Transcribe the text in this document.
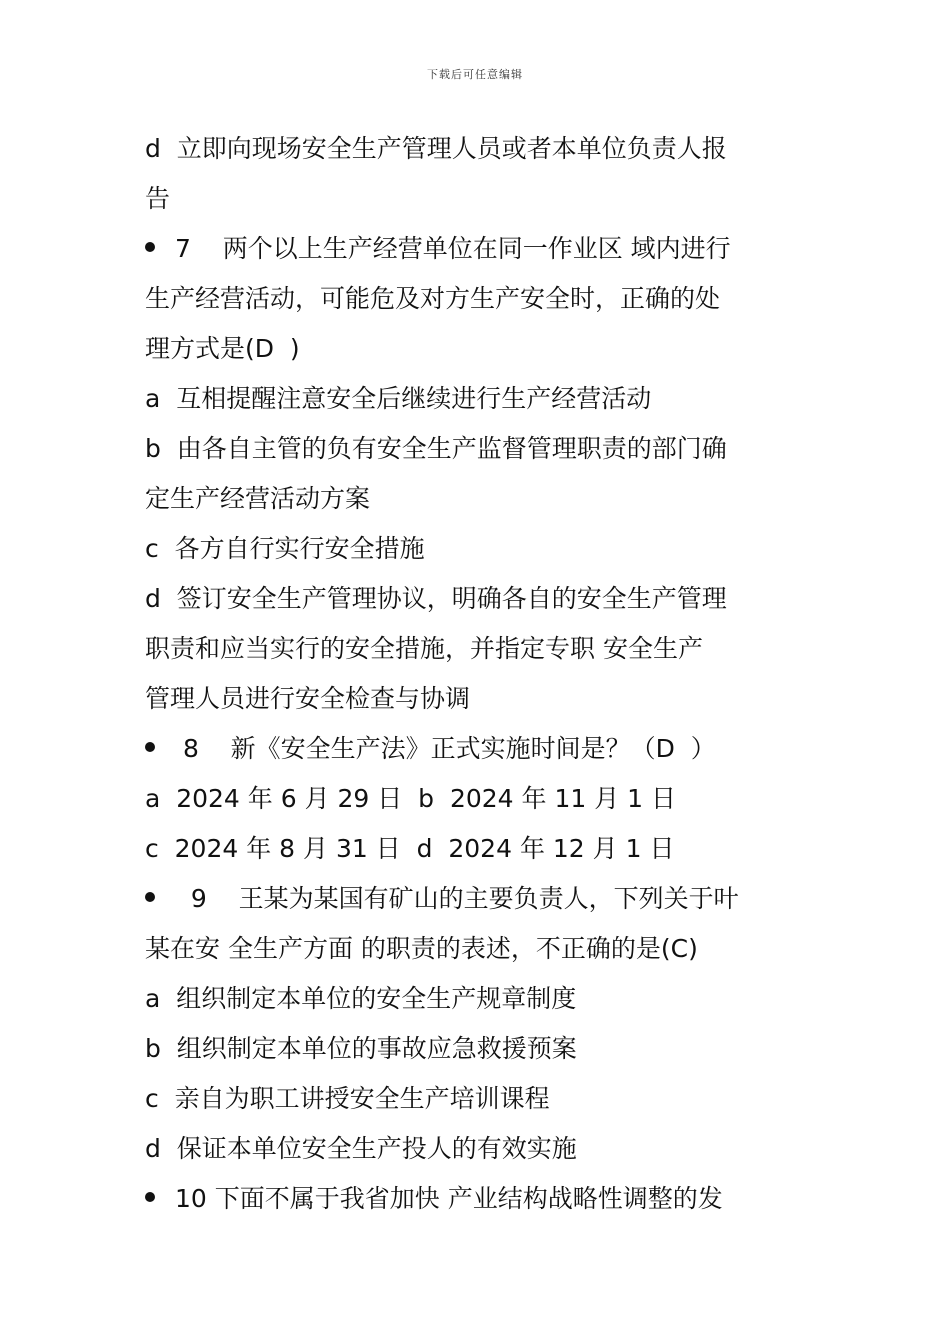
下载后可任意编辑
d  立即向现场安全生产管理人员或者本单位负责人报
告
7    两个以上生产经营单位在同一作业区 域内进行
生产经营活动，可能危及对方生产安全时，正确的处
理方式是(D  )
a  互相提醒注意安全后继续进行生产经营活动
b  由各自主管的负有安全生产监督管理职责的部门确
定生产经营活动方案
c  各方自行实行安全措施
d  签订安全生产管理协议，明确各自的安全生产管理
职责和应当实行的安全措施，并指定专职 安全生产
管理人员进行安全检查与协调
8    新《安全生产法》正式实施时间是？（D  ）
a  2024 年 6 月 29 日  b  2024 年 11 月 1 日
c  2024 年 8 月 31 日  d  2024 年 12 月 1 日
9    王某为某国有矿山的主要负责人，下列关于叶
某在安 全生产方面 的职责的表述，不正确的是(C)
a  组织制定本单位的安全生产规章制度
b  组织制定本单位的事故应急救援预案
c  亲自为职工讲授安全生产培训课程
d  保证本单位安全生产投人的有效实施
10 下面不属于我省加快 产业结构战略性调整的发
